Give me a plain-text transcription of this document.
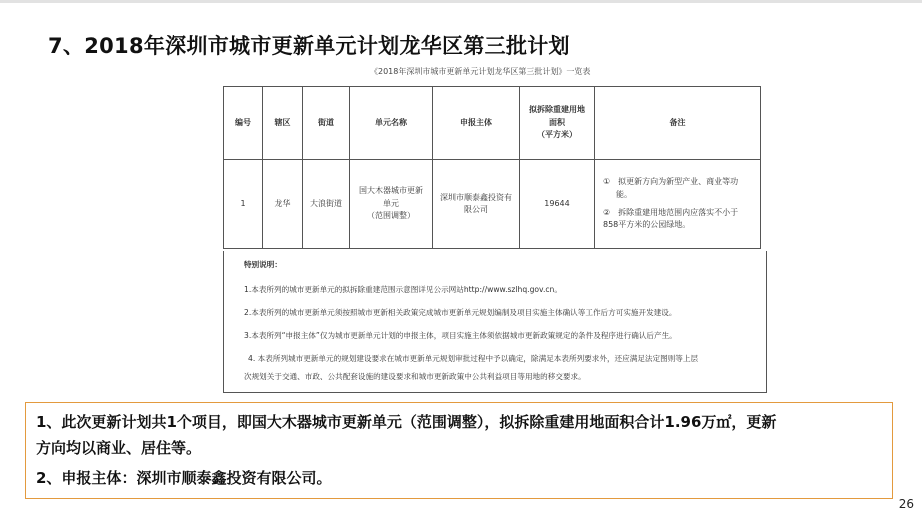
7、2018年深圳市城市更新单元计划龙华区第三批计划
《2018年深圳市城市更新单元计划龙华区第三批计划》一览表
编号	辖区	街道	单元名称	申报主体	拟拆除重建用地
面积
（平方米）	备注
1	龙华	大浪街道	国大木器城市更新
单元
（范围调整）	深圳市顺泰鑫投资有
限公司	19644	①　拟更新方向为新型产业、商业等功
能。
②　拆除重建用地范围内应落实不小于
858平方米的公园绿地。
特别说明：
1.本表所列的城市更新单元的拟拆除重建范围示意图详见公示网站http://www.szlhq.gov.cn。
2.本表所列的城市更新单元须按照城市更新相关政策完成城市更新单元规划编制及项目实施主体确认等工作后方可实施开发建设。
3.本表所列“申报主体”仅为城市更新单元计划的申报主体，项目实施主体须依据城市更新政策规定的条件及程序进行确认后产生。
4. 本表所列城市更新单元的规划建设要求在城市更新单元规划审批过程中予以确定，除满足本表所列要求外，还应满足法定图则等上层
次规划关于交通、市政、公共配套设施的建设要求和城市更新政策中公共利益项目等用地的移交要求。
1、此次更新计划共1个项目，即国大木器城市更新单元（范围调整），拟拆除重建用地面积合计1.96万㎡，更新
方向均以商业、居住等。
2、申报主体：深圳市顺泰鑫投资有限公司。
26
